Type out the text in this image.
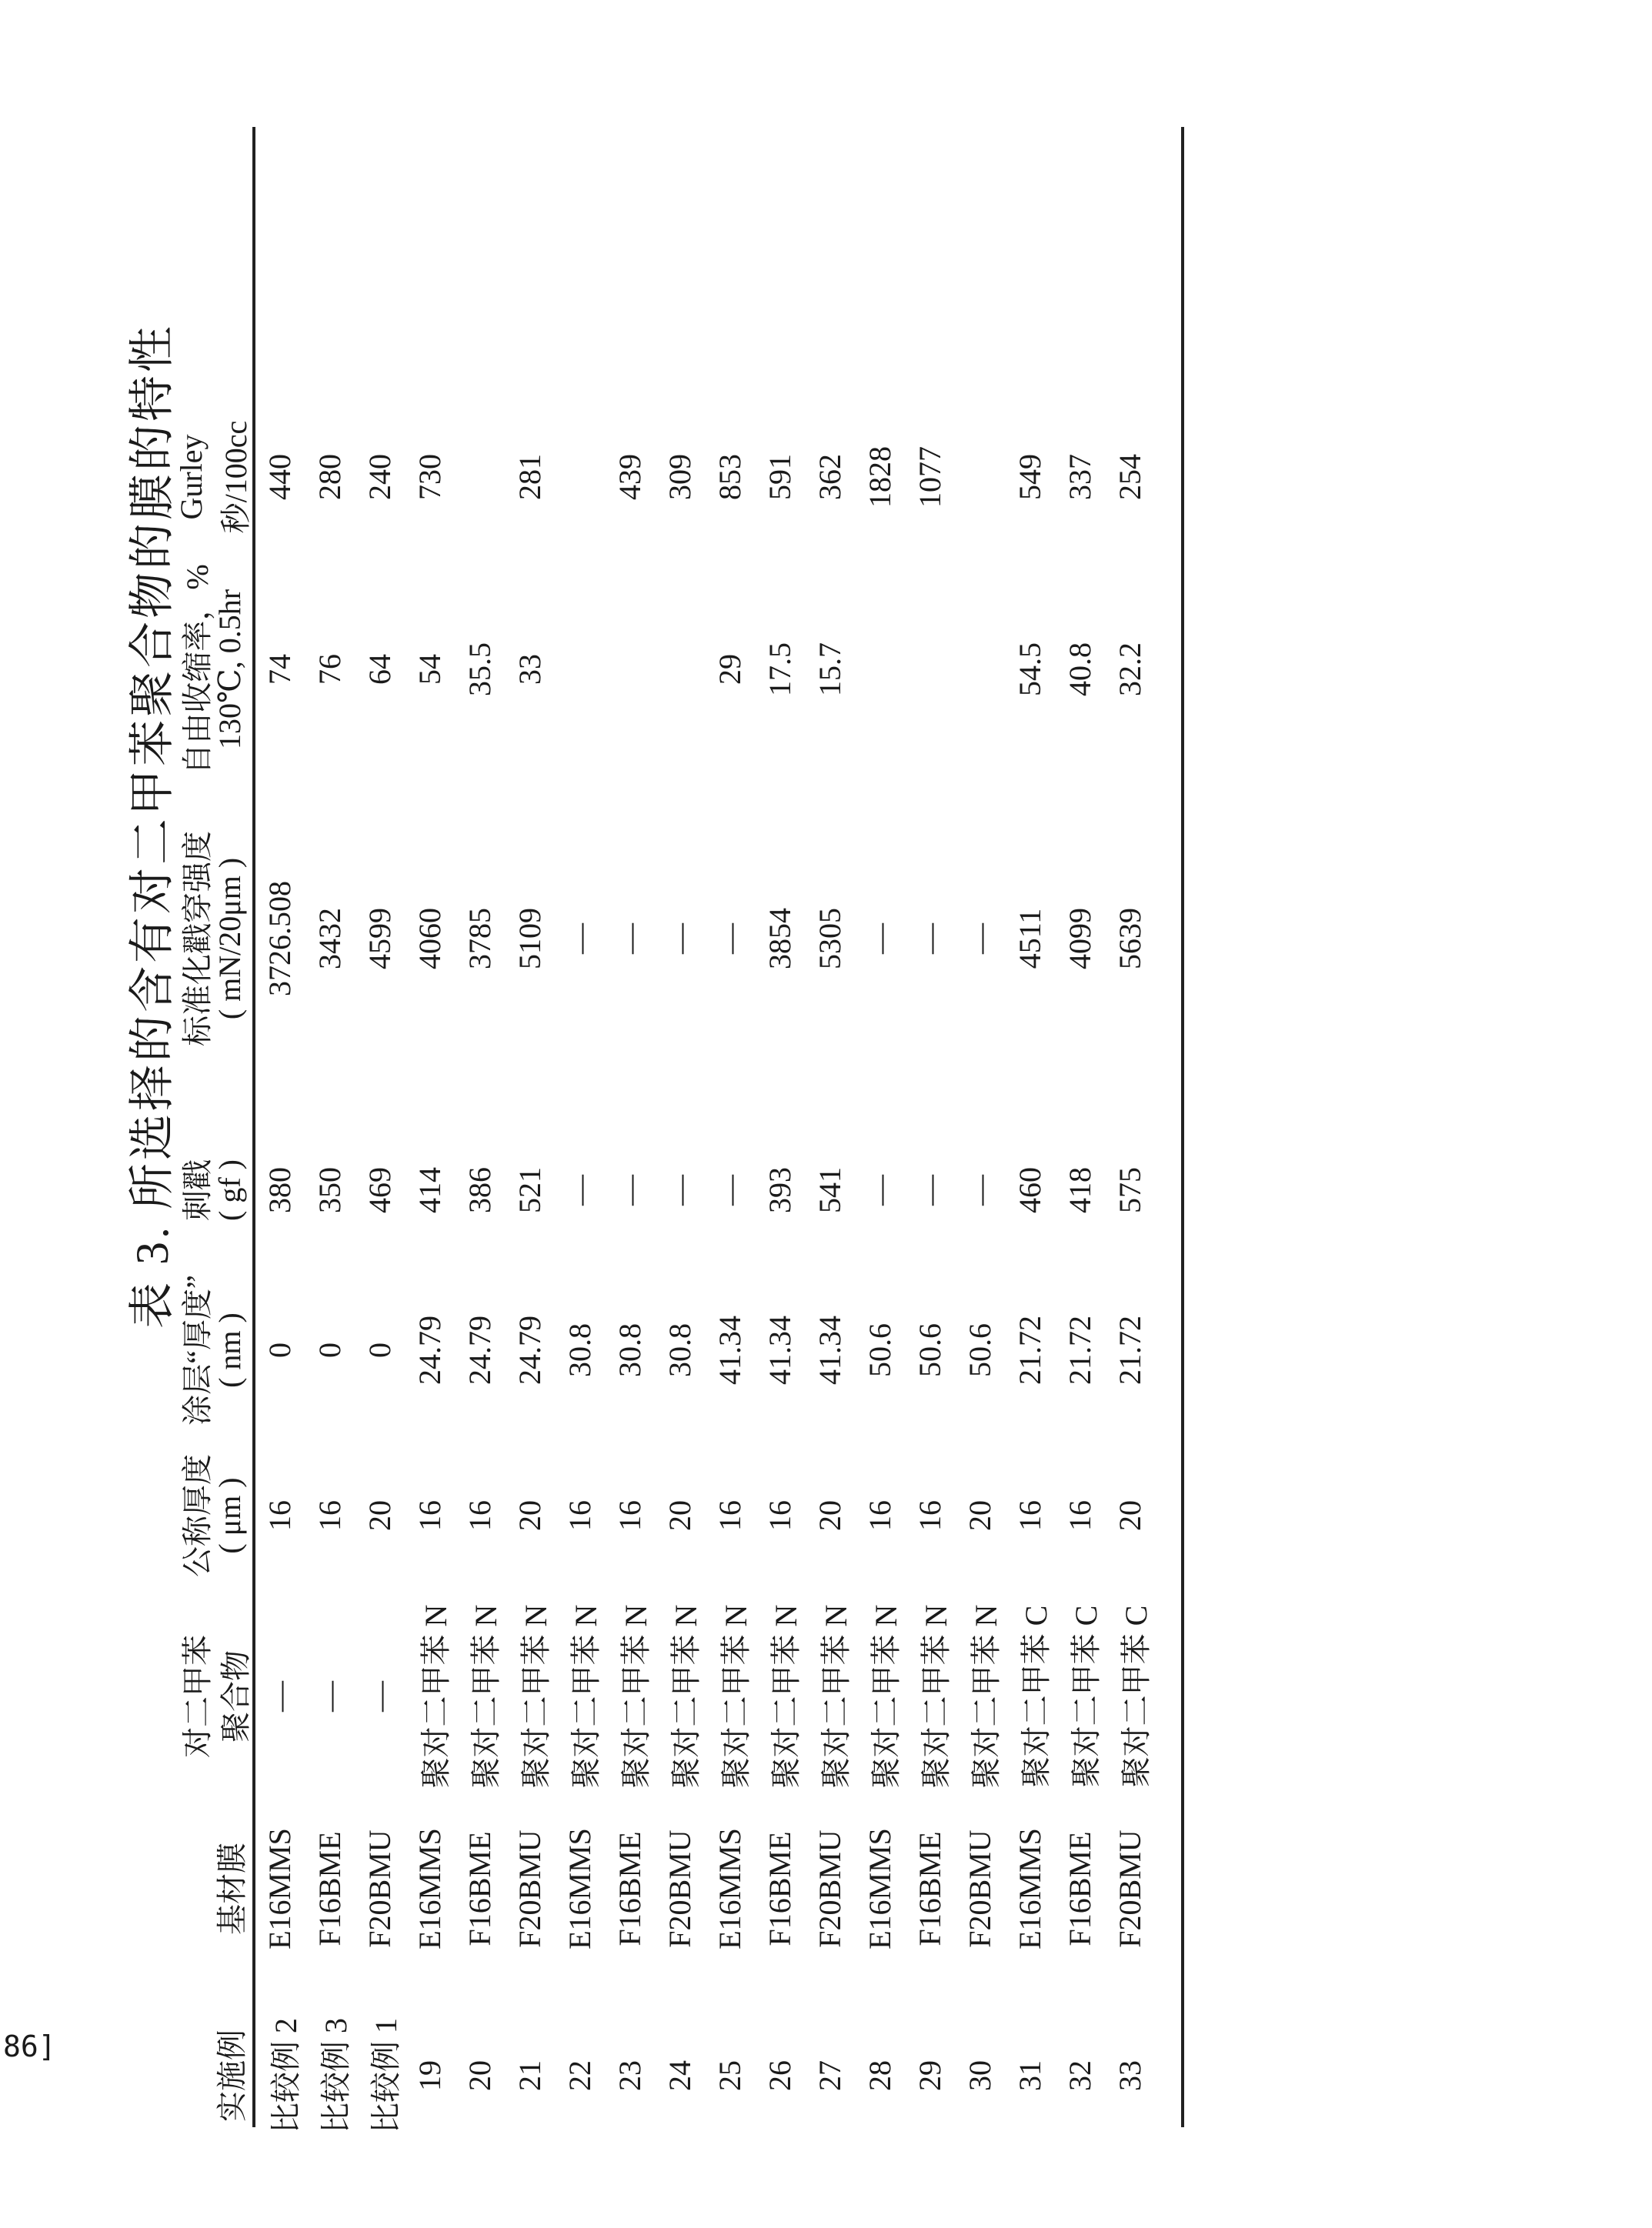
86]
表 3. 所选择的含有对二甲苯聚合物的膜的特性
实施例
基材膜
对二甲苯 聚合物
公称厚度
( μm )
涂层“厚度”
( nm )
刺戳
( gf )
标准化戳穿强度
( mN/20μm )
自由收缩率，%
130℃, 0.5hr
Gurley 秒/100cc
比较例 2
E16MMS
—
16
0
380
3726.508
74
440
比较例 3
F16BME
—
16
0
350
3432
76
280
比较例 1
F20BMU
—
20
0
469
4599
64
240
19
E16MMS
聚对二甲苯 N
16
24.79
414
4060
54
730
20
F16BME
聚对二甲苯 N
16
24.79
386
3785
35.5
21
F20BMU
聚对二甲苯 N
20
24.79
521
5109
33
281
22
E16MMS
聚对二甲苯 N
16
30.8
—
—
23
F16BME
聚对二甲苯 N
16
30.8
—
—
439
24
F20BMU
聚对二甲苯 N
20
30.8
—
—
309
25
E16MMS
聚对二甲苯 N
16
41.34
—
—
29
853
26
F16BME
聚对二甲苯 N
16
41.34
393
3854
17.5
591
27
F20BMU
聚对二甲苯 N
20
41.34
541
5305
15.7
362
28
E16MMS
聚对二甲苯 N
16
50.6
—
—
1828
29
F16BME
聚对二甲苯 N
16
50.6
—
—
1077
30
F20BMU
聚对二甲苯 N
20
50.6
—
—
31
E16MMS
聚对二甲苯 C
16
21.72
460
4511
54.5
549
32
F16BME
聚对二甲苯 C
16
21.72
418
4099
40.8
337
33
F20BMU
聚对二甲苯 C
20
21.72
575
5639
32.2
254
